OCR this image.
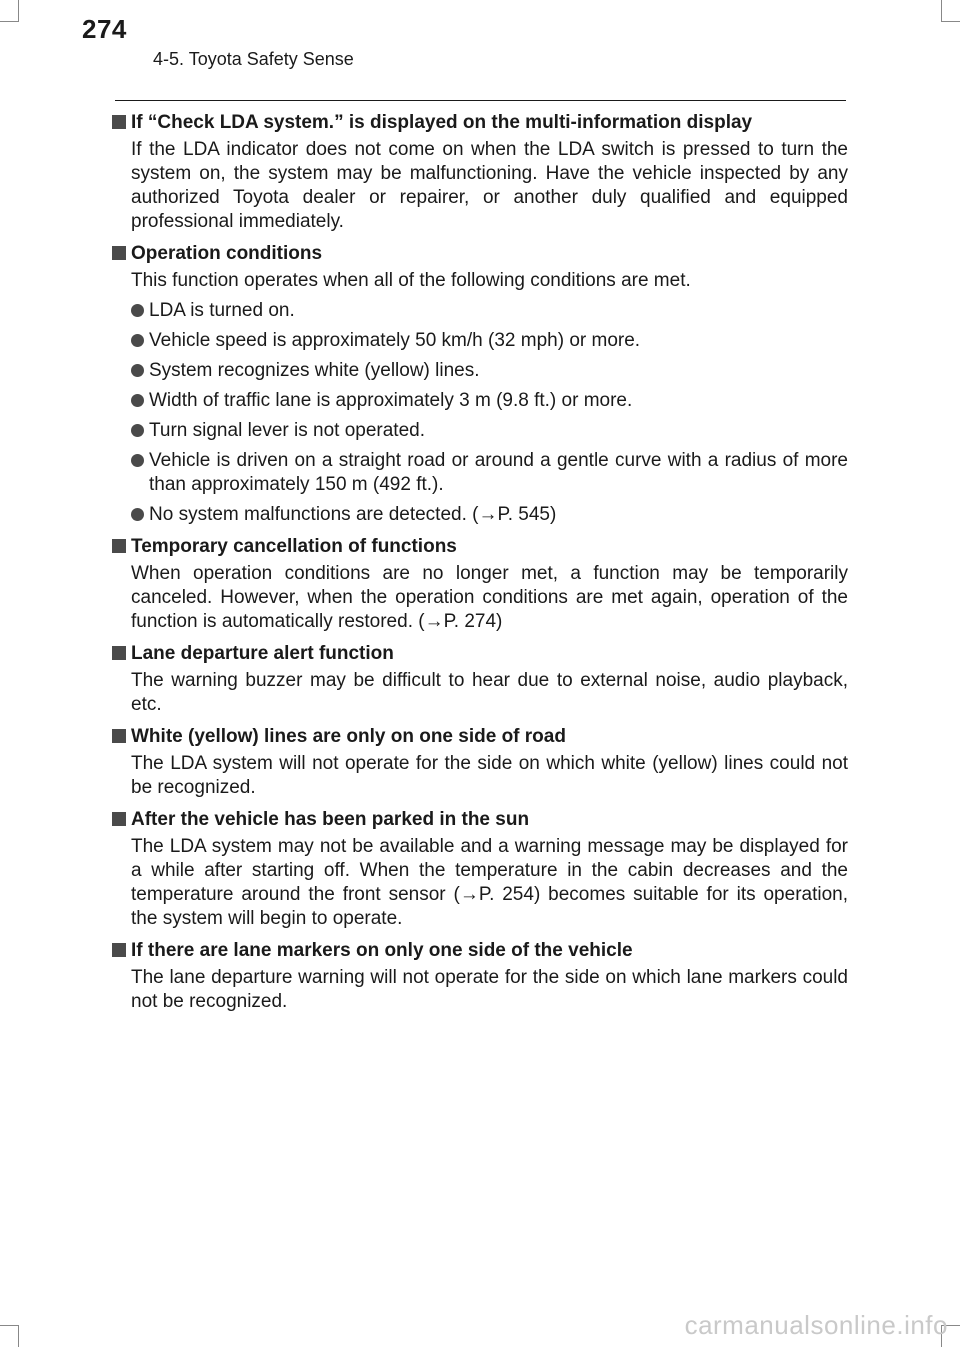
274
4-5. Toyota Safety Sense
If “Check LDA system.” is displayed on the multi-information display
If the LDA indicator does not come on when the LDA switch is pressed to turn the system on, the system may be malfunctioning. Have the vehicle inspected by any authorized Toyota dealer or repairer, or another duly qualified and equipped professional immediately.
Operation conditions
This function operates when all of the following conditions are met.
LDA is turned on.
Vehicle speed is approximately 50 km/h (32 mph) or more.
System recognizes white (yellow) lines.
Width of traffic lane is approximately 3 m (9.8 ft.) or more.
Turn signal lever is not operated.
Vehicle is driven on a straight road or around a gentle curve with a radius of more than approximately 150 m (492 ft.).
No system malfunctions are detected. (→P. 545)
Temporary cancellation of functions
When operation conditions are no longer met, a function may be temporarily canceled. However, when the operation conditions are met again, operation of the function is automatically restored. (→P. 274)
Lane departure alert function
The warning buzzer may be difficult to hear due to external noise, audio playback, etc.
White (yellow) lines are only on one side of road
The LDA system will not operate for the side on which white (yellow) lines could not be recognized.
After the vehicle has been parked in the sun
The LDA system may not be available and a warning message may be displayed for a while after starting off. When the temperature in the cabin decreases and the temperature around the front sensor (→P. 254) becomes suitable for its operation, the system will begin to operate.
If there are lane markers on only one side of the vehicle
The lane departure warning will not operate for the side on which lane markers could not be recognized.
carmanualsonline.info
